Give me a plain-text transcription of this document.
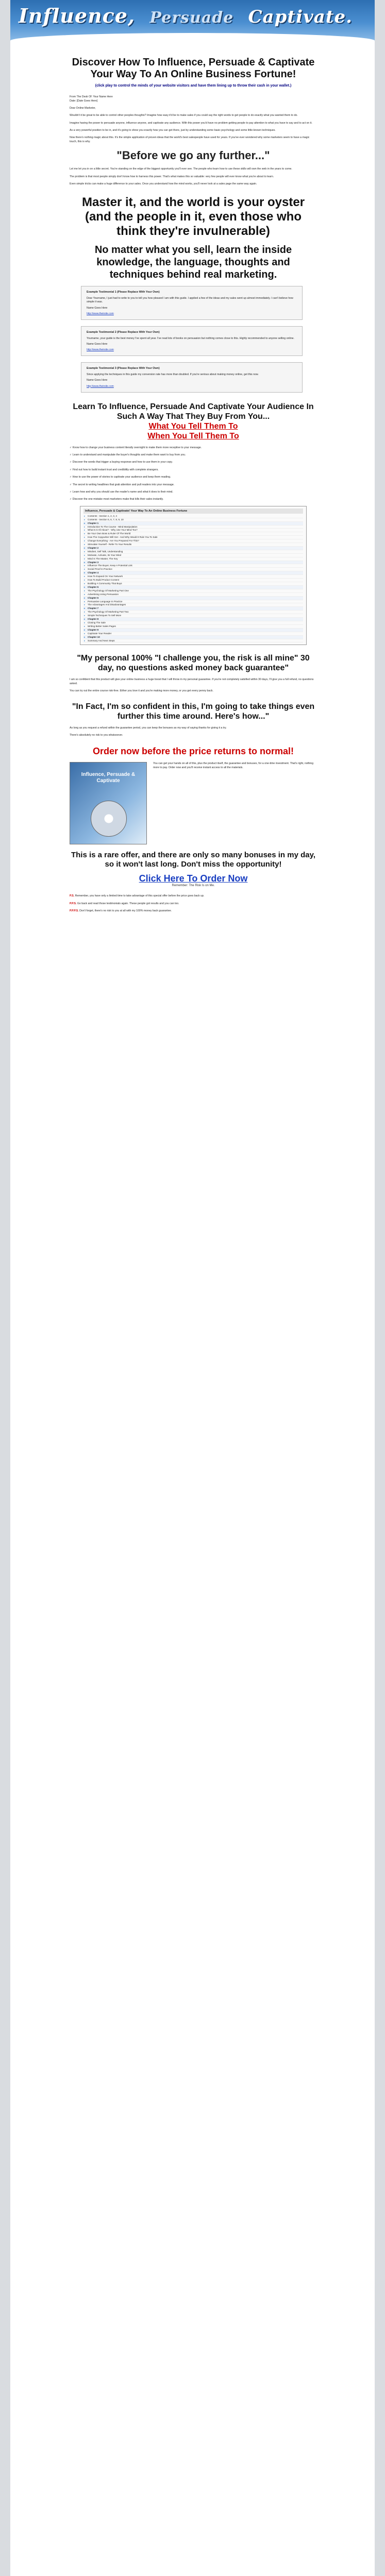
Influence, Persuade Captivate.
Discover How To Influence, Persuade & Captivate Your Way To An Online Business Fortune!
(click play to control the minds of your website visitors and have them lining up to throw their cash in your wallet.)

From The Desk Of: Your Name Here

Date: [Date Goes Here]

Dear Online Marketer,

Wouldn't it be great to be able to control other peoples thoughts? Imagine how easy it'd be to make sales if you could say the right words to get people to do exactly what you wanted them to do.

Imagine having the power to persuade anyone, influence anyone, and captivate any audience. With this power you'd have no problem getting people to pay attention to what you have to say and to act on it.

As a very powerful position to be in, and it's going to show you exactly how you can get there, just by understanding some basic psychology and some little-known techniques.

Now there's nothing magic about this. It's the simple application of proven ideas that the world's best salespeople have used for years. If you've ever wondered why some marketers seem to have a magic touch, this is why.

"Before we go any further..."

Let me let you in on a little secret. You're standing on the edge of the biggest opportunity you'll ever see. The people who learn how to use these skills will own the web in the years to come.

The problem is that most people simply don't know how to harness this power. That's what makes this so valuable: very few people will ever know what you're about to learn.

Even simple tricks can make a huge difference to your sales. Once you understand how the mind works, you'll never look at a sales page the same way again.

Master it, and the world is your oyster (and the people in it, even those who think they're invulnerable)
No matter what you sell, learn the inside knowledge, the language, thoughts and techniques behind real marketing.

Example Testimonial 1 (Please Replace With Your Own)

Dear Yourname, I just had to write to you to tell you how pleased I am with this guide. I applied a few of the ideas and my sales went up almost immediately. I can't believe how simple it was.

Name Goes Here

http://www.theirsite.com

Example Testimonial 2 (Please Replace With Your Own)

Yourname, your guide is the best money I've spent all year. I've read lots of books on persuasion but nothing comes close to this. Highly recommended to anyone selling online.

Name Goes Here

http://www.theirsite.com

Example Testimonial 3 (Please Replace With Your Own)

Since applying the techniques in this guide my conversion rate has more than doubled. If you're serious about making money online, get this now.

Name Goes Here

http://www.theirsite.com
Learn To Influence, Persuade And Captivate Your Audience In Such A Way That They Buy From You...
What You Tell Them To
When You Tell Them To

✓ Know how to change your business content literally overnight to make them more receptive to your message.

✓ Learn to understand and manipulate the buyer's thoughts and make them want to buy from you.

✓ Discover the words that trigger a buying response and how to use them in your copy.

✓ Find out how to build instant trust and credibility with complete strangers.

✓ How to use the power of stories to captivate your audience and keep them reading.

✓ The secret to writing headlines that grab attention and pull readers into your message.

✓ Learn how and why you should use the reader's name and what it does to their mind.

✓ Discover the one mistake most marketers make that kills their sales instantly.

Influence, Persuade & Captivate! Your Way To An Online Business Fortune
▸ Contents - Section 1, 2, 3, 4
▸ Contents - Section 5, 6, 7, 8, 9, 10
▸ Chapter 1
▸ Introduction To The Course - Mind Manipulation
▸ What Is It All About? - Why Use Your Mind Too?
▸ Be Your Own Boss & Ruler Of The World
▸ How The Copywriter Will Get - And Why Would It Rule You To Sale
▸ Change Everything - Are You Prepared For This?
▸ Stimulate Yourself - Refer To Your Results
▸ Chapter 2
▸ Mindset, Self Talk, Understanding
▸ Motivate, Activate, Its Your Mind
▸ Mind Is The Master, The Key
▸ Chapter 3
▸ Influence The Buyer, Keep A Potential Link
▸ Social Proof In Practice
▸ Chapter 4
▸ How To Expand On Your Network
▸ How To Build Product Content
▸ Building A Community That Buys
▸ Chapter 5
▸ The Psychology Of Marketing Part One
▸ Advertising Using Persuasion
▸ Chapter 6
▸ Persuasive Language In Practice
▸ The Advantages And Disadvantages
▸ Chapter 7
▸ The Psychology Of Marketing Part Two
▸ Simple Techniques To Sell More
▸ Chapter 8
▸ Closing The Sale
▸ Writing Better Sales Pages
▸ Chapter 9
▸ Captivate Your Reader
▸ Chapter 10
▸ Summary And Next Steps
"My personal 100% "I challenge you, the risk is all mine" 30 day, no questions asked money back guarantee"

I am so confident that this product will give your online business a huge boost that I will throw in my personal guarantee. If you're not completely satisfied within 30 days, I'll give you a full refund, no questions asked.

You can try out the entire course risk-free. Either you love it and you're making more money, or you get every penny back.

"In Fact, I'm so confident in this, I'm going to take things even further this time around. Here's how..."

As long as you request a refund within the guarantee period, you can keep the bonuses as my way of saying thanks for giving it a try.

There's absolutely no risk to you whatsoever.

Order now before the price returns to normal!
Influence, Persuade & Captivate

You can get your hands on all of this, plus the product itself, the guarantee and bonuses, for a one-time investment. That's right, nothing more to pay. Order now and you'll receive instant access to all the materials.

This is a rare offer, and there are only so many bonuses in my day, so it won't last long. Don't miss the opportunity!
Click Here To Order Now
Remember: The Risk Is on Me.

P.S. Remember, you have only a limited time to take advantage of this special offer before the price goes back up.

P.P.S. Go back and read those testimonials again. These people got results and you can too.

P.P.P.S. Don't forget, there's no risk to you at all with my 100% money back guarantee.
